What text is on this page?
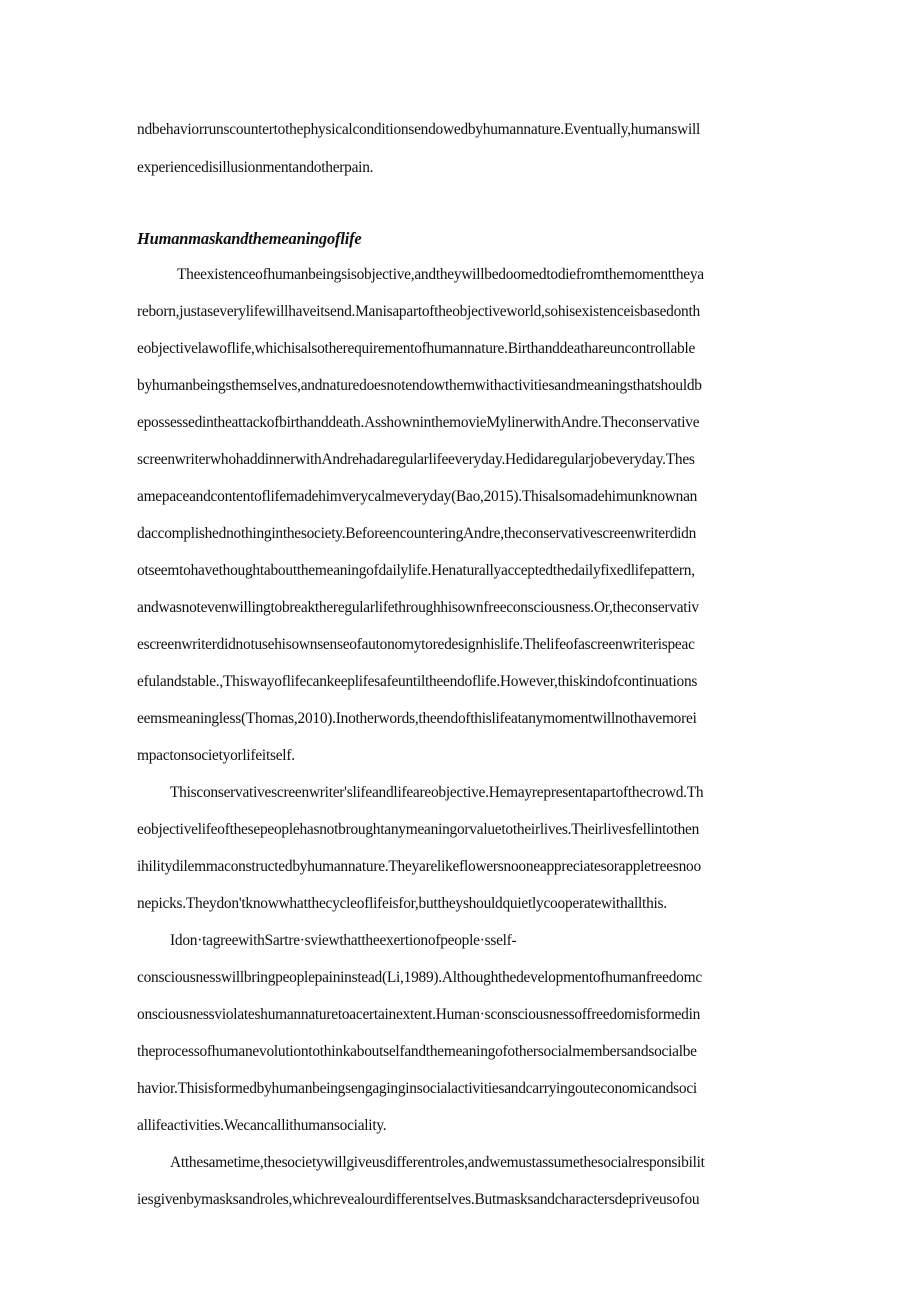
ndbehaviorrunscountertothephysicalconditionsendowedbyhumannature.Eventually,humanswill
experiencedisillusionmentandotherpain.
Humanmaskandthemeaningoflife
Theexistenceofhumanbeingsisobjective,andtheywillbedoomedtodiefromthemomenttheya
reborn,justaseverylifewillhaveitsend.Manisapartoftheobjectiveworld,sohisexistenceisbasedonth
eobjectivelawoflife,whichisalsotherequirementofhumannature.Birthanddeathareuncontrollable
byhumanbeingsthemselves,andnaturedoesnotendowthemwithactivitiesandmeaningsthatshouldb
epossessedintheattackofbirthanddeath.AsshowninthemovieMylinerwithAndre.Theconservative
screenwriterwhohaddinnerwithAndrehadaregularlifeeveryday.Hedidaregularjobeveryday.Thes
amepaceandcontentoflifemadehimverycalmeveryday(Bao,2015).Thisalsomadehimunknownan
daccomplishednothinginthesociety.BeforeencounteringAndre,theconservativescreenwriterdidn
otseemtohavethoughtaboutthemeaningofdailylife.Henaturallyacceptedthedailyfixedlifepattern,
andwasnotevenwillingtobreaktheregularlifethroughhisownfreeconsciousness.Or,theconservativ
escreenwriterdidnotusehisownsenseofautonomytoredesignhislife.Thelifeofascreenwriterispeac
efulandstable.,Thiswayoflifecankeeplifesafeuntiltheendoflife.However,thiskindofcontinuations
eemsmeaningless(Thomas,2010).Inotherwords,theendofthislifeatanymomentwillnothavemorei
mpactonsocietyorlifeitself.
Thisconservativescreenwriter'slifeandlifeareobjective.Hemayrepresentapartofthecrowd.Th
eobjectivelifeofthesepeoplehasnotbroughtanymeaningorvaluetotheirlives.Theirlivesfellintothen
ihilitydilemmaconstructedbyhumannature.Theyarelikeflowersnooneappreciatesorappletreesnoo
nepicks.Theydon'tknowwhatthecycleoflifeisfor,buttheyshouldquietlycooperatewithallthis.
Idon·tagreewithSartre·sviewthattheexertionofpeople·sself-
consciousnesswillbringpeoplepaininstead(Li,1989).Althoughthedevelopmentofhumanfreedomc
onsciousnessviolateshumannaturetoacertainextent.Human·sconsciousnessoffreedomisformedin
theprocessofhumanevolutiontothinkaboutselfandthemeaningofothersocialmembersandsocialbe
havior.Thisisformedbyhumanbeingsengaginginsocialactivitiesandcarryingouteconomicandsoci
allifeactivities.Wecancallithumansociality.
Atthesametime,thesocietywillgiveusdifferentroles,andwemustassumethesocialresponsibilit
iesgivenbymasksandroles,whichrevealourdifferentselves.Butmasksandcharactersdepriveusofou
